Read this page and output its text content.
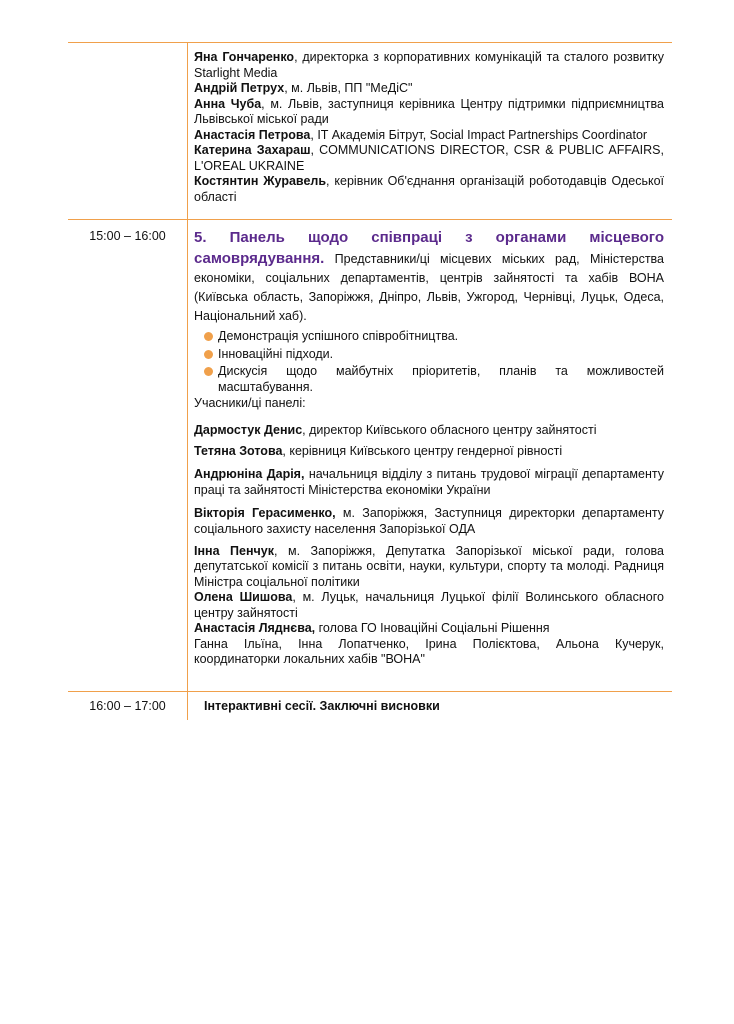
Яна Гончаренко, директорка з корпоративних комунікацій та сталого розвитку Starlight Media

Андрій Петрух, м. Львів, ПП "МеДіС"

Анна Чуба, м. Львів, заступниця керівника Центру підтримки підприємництва Львівської міської ради

Анастасія Петрова, IT Академія Бітрут, Social Impact Partnerships Coordinator

Катерина Захараш, COMMUNICATIONS DIRECTOR, CSR & PUBLIC AFFAIRS, L'OREAL UKRAINE

Костянтин Журавель, керівник Об'єднання організацій роботодавців Одеської області

15:00 – 16:00	5. Панель щодо співпраці з органами місцевого самоврядування. Представники/ці місцевих міських рад, Міністерства економіки, соціальних департаментів, центрів зайнятості та хабів ВОНА (Київська область, Запоріжжя, Дніпро, Львів, Ужгород, Чернівці, Луцьк, Одеса, Національний хаб).

Демонстрація успішного співробітництва.
Інноваційні підходи.
Дискусія щодо майбутніх пріоритетів, планів та можливостей масштабування.

Учасники/ці панелі:

Дармостук Денис, директор Київського обласного центру зайнятості

Тетяна Зотова, керівниця Київського центру гендерної рівності

Андрюніна Дарія, начальниця відділу з питань трудової міграції департаменту праці та зайнятості Міністерства економіки України

Вікторія Герасименко, м. Запоріжжя, Заступниця директорки департаменту соціального захисту населення Запорізької ОДА

Інна Пенчук, м. Запоріжжя, Депутатка Запорізької міської ради, голова депутатської комісії з питань освіти, науки, культури, спорту та молоді. Радниця Міністра соціальної політики

Олена Шишова, м. Луцьк, начальниця Луцької філії Волинського обласного центру зайнятості

Анастасія Ляднєва, голова ГО Іноваційні Соціальні Рішення

Ганна Ільїна, Інна Лопатченко, Ірина Полієктова, Альона Кучерук, координаторки локальних хабів "ВОНА"

16:00 – 17:00	Інтерактивні сесії. Заключні висновки
